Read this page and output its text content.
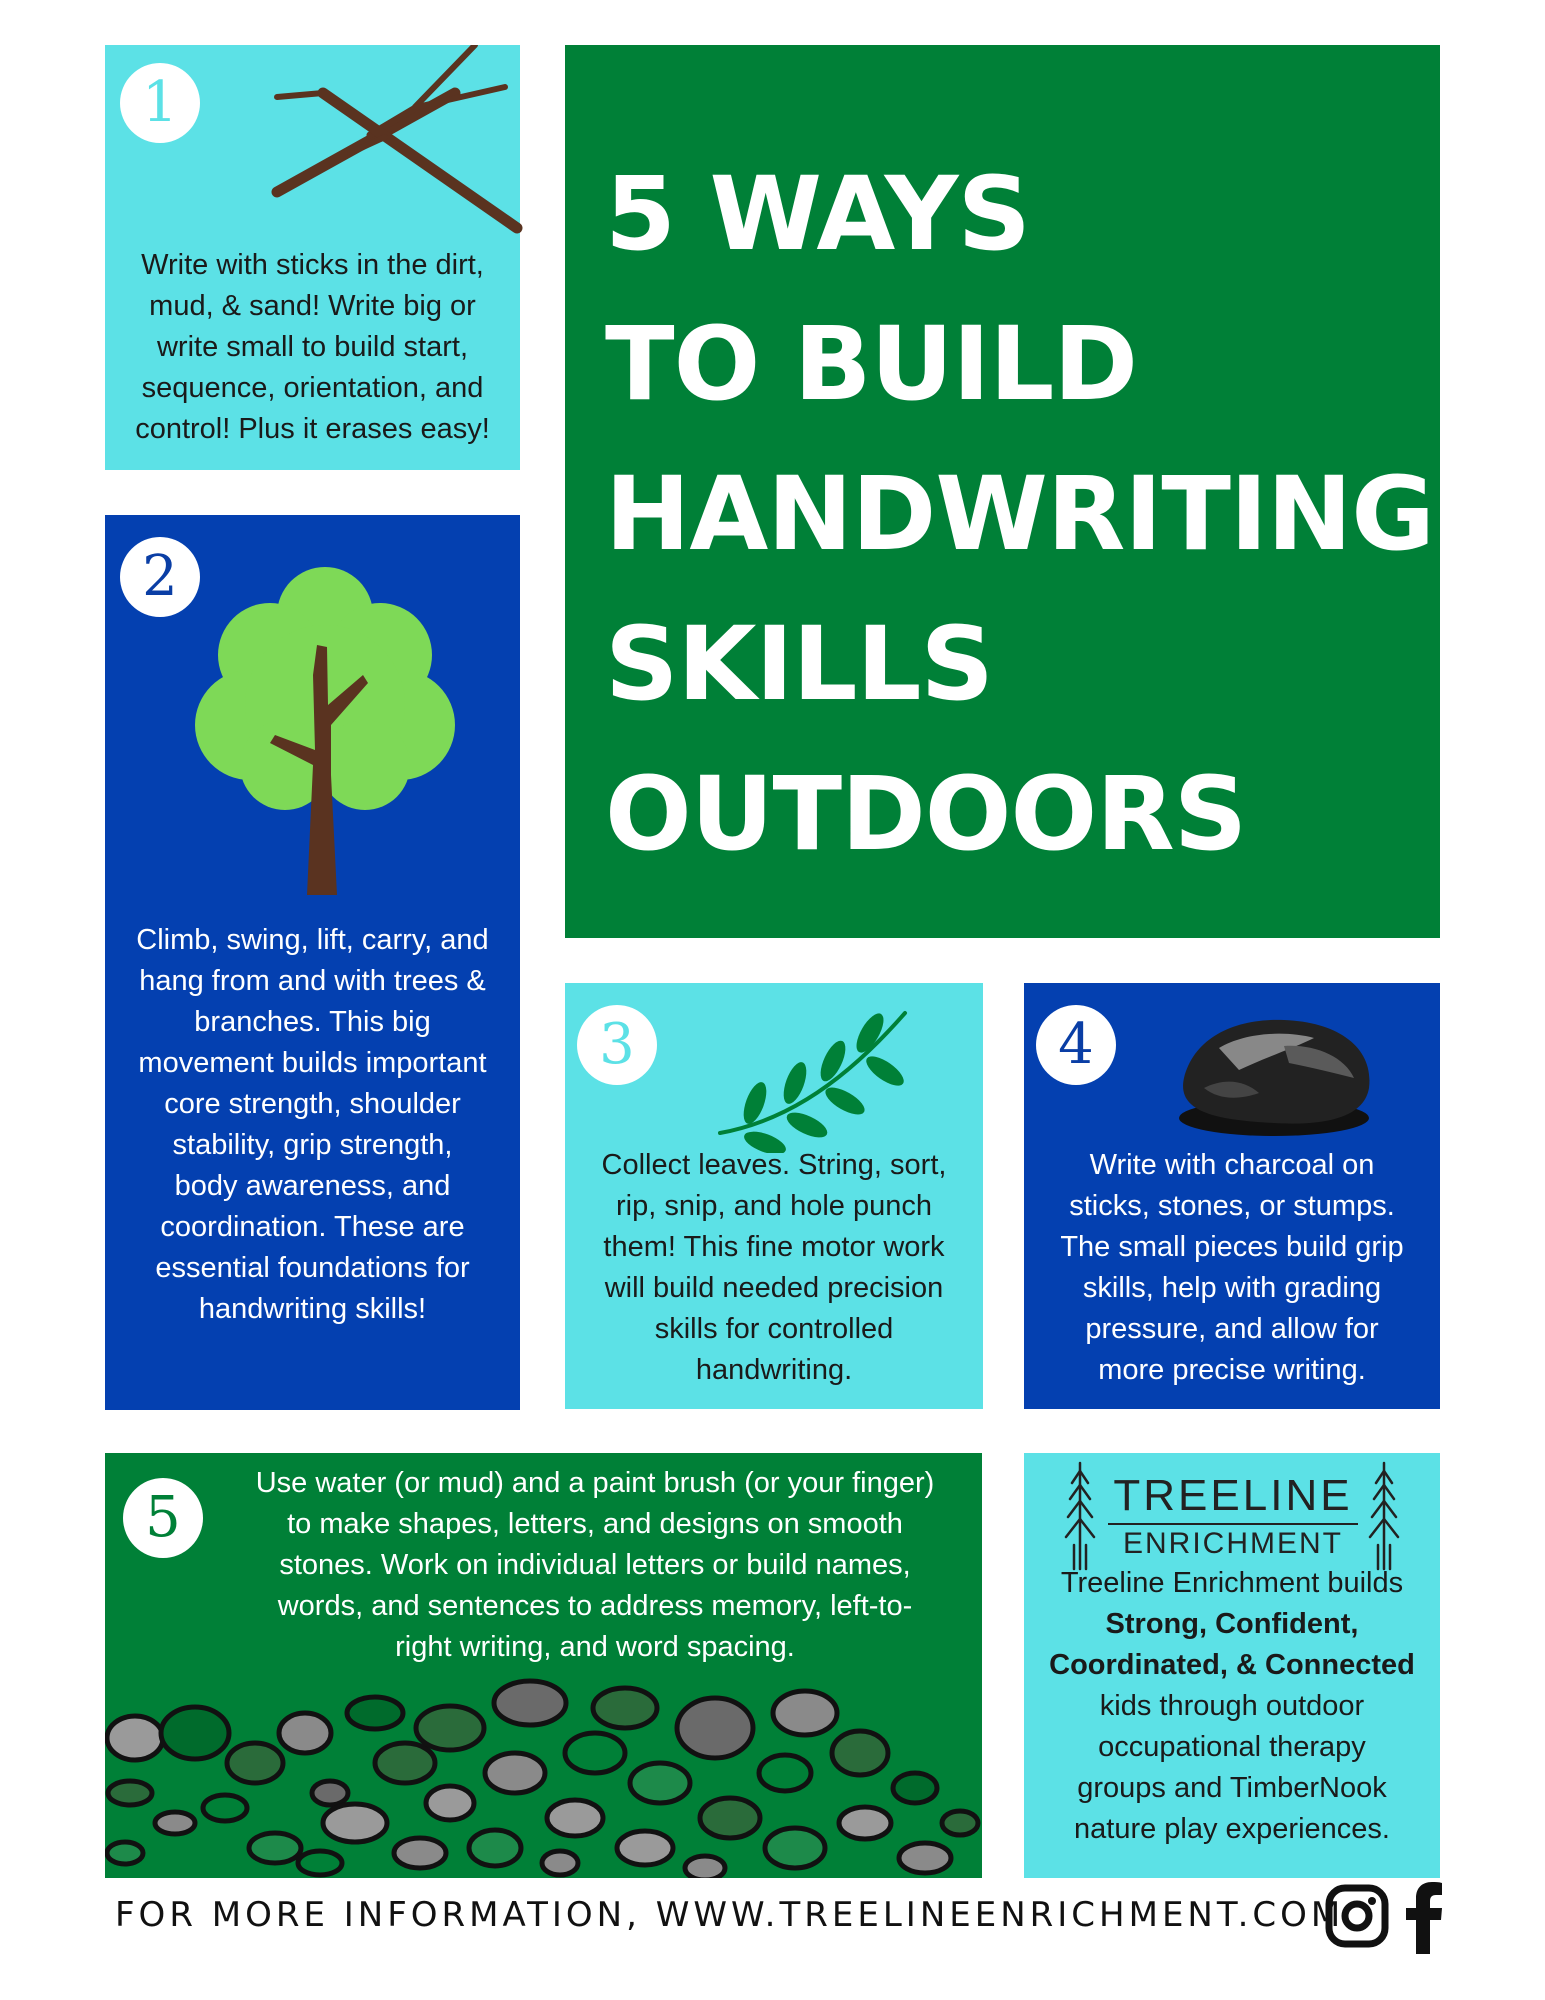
1
Write with sticks in the dirt,
mud, & sand! Write big or
write small to build start,
sequence, orientation, and
control! Plus it erases easy!
2
Climb, swing, lift, carry, and
hang from and with trees &
branches. This big
movement builds important
core strength, shoulder
stability, grip strength,
body awareness, and
coordination. These are
essential foundations for
handwriting skills!
5 WAYS
TO BUILD
HANDWRITING
SKILLS
OUTDOORS
3
Collect leaves. String, sort,
rip, snip, and hole punch
them! This fine motor work
will build needed precision
skills for controlled
handwriting.
4
Write with charcoal on
sticks, stones, or stumps.
The small pieces build grip
skills, help with grading
pressure, and allow for
more precise writing.
5
Use water (or mud) and a paint brush (or your finger)
to make shapes, letters, and designs on smooth
stones. Work on individual letters or build names,
words, and sentences to address memory, left-to-
right writing, and word spacing.
TREELINE
ENRICHMENT
Treeline Enrichment builds
Strong, Confident,
Coordinated, & Connected
kids through outdoor
occupational therapy
groups and TimberNook
nature play experiences.
FOR MORE INFORMATION, WWW.TREELINEENRICHMENT.COM
